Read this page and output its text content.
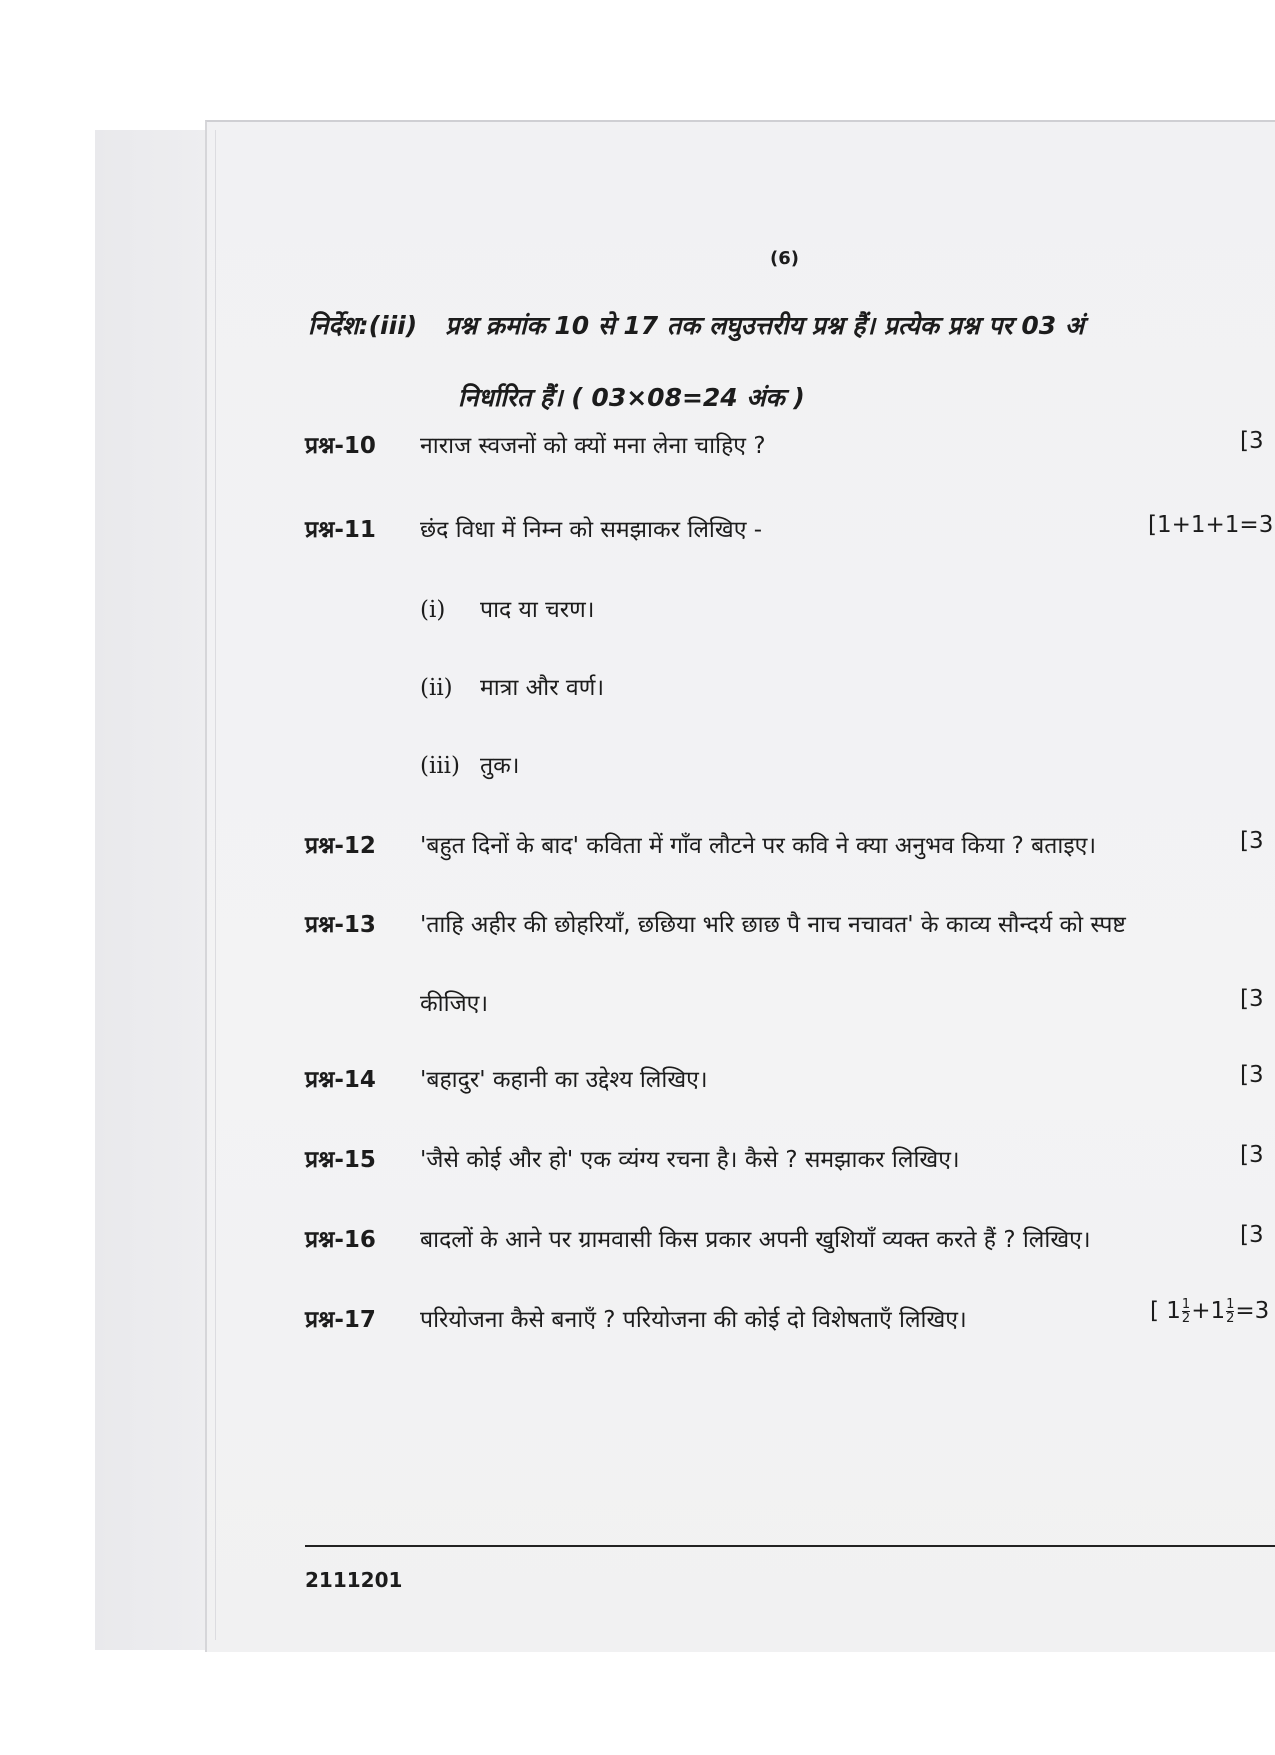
(6)
निर्देश:(iii) प्रश्न क्रमांक 10 से 17 तक लघुउत्तरीय प्रश्न हैं। प्रत्येक प्रश्न पर 03 अं
निर्धारित हैं। ( 03×08=24 अंक )
प्रश्न-10 नाराज स्वजनों को क्यों मना लेना चाहिए ?	[3
प्रश्न-11 छंद विधा में निम्न को समझाकर लिखिए -	[1+1+1=3
(i) पाद या चरण।
(ii) मात्रा और वर्ण।
(iii) तुक।
प्रश्न-12 'बहुत दिनों के बाद' कविता में गाँव लौटने पर कवि ने क्या अनुभव किया ? बताइए।	[3
प्रश्न-13 'ताहि अहीर की छोहरियाँ, छछिया भरि छाछ पै नाच नचावत' के काव्य सौन्दर्य को स्पष्ट
कीजिए।	[3
प्रश्न-14 'बहादुर' कहानी का उद्देश्य लिखिए।	[3
प्रश्न-15 'जैसे कोई और हो' एक व्यंग्य रचना है। कैसे ? समझाकर लिखिए।	[3
प्रश्न-16 बादलों के आने पर ग्रामवासी किस प्रकार अपनी खुशियाँ व्यक्त करते हैं ? लिखिए।	[3
प्रश्न-17 परियोजना कैसे बनाएँ ? परियोजना की कोई दो विशेषताएँ लिखिए।	[ $1 \frac{1}{2} +1 \frac{1}{2} =3$
2111201
